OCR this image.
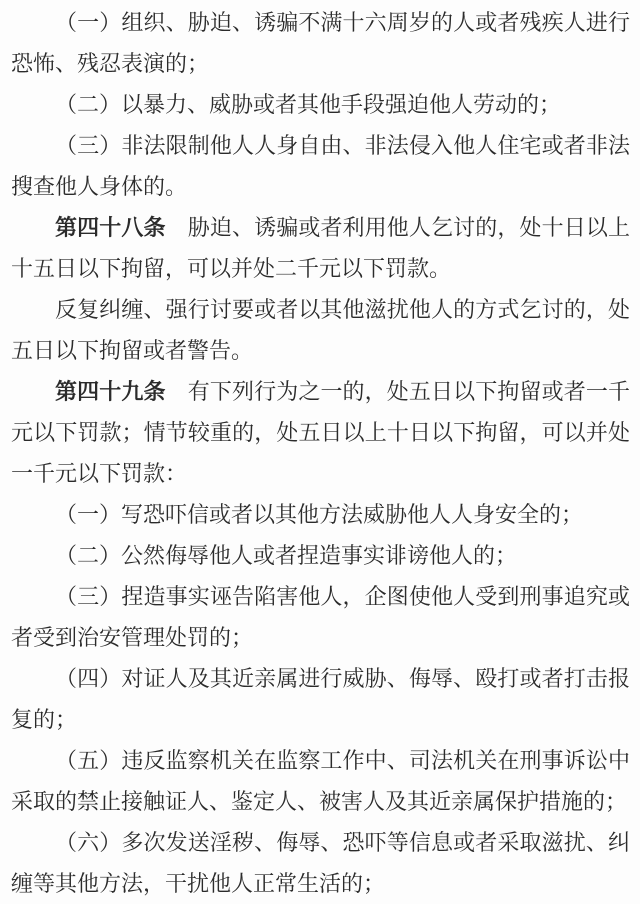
（一）组织、胁迫、诱骗不满十六周岁的人或者残疾人进行恐怖、残忍表演的；

（二）以暴力、威胁或者其他手段强迫他人劳动的；

（三）非法限制他人人身自由、非法侵入他人住宅或者非法搜查他人身体的。

第四十八条　胁迫、诱骗或者利用他人乞讨的，处十日以上十五日以下拘留，可以并处二千元以下罚款。

反复纠缠、强行讨要或者以其他滋扰他人的方式乞讨的，处五日以下拘留或者警告。

第四十九条　有下列行为之一的，处五日以下拘留或者一千元以下罚款；情节较重的，处五日以上十日以下拘留，可以并处一千元以下罚款：

（一）写恐吓信或者以其他方法威胁他人人身安全的；

（二）公然侮辱他人或者捏造事实诽谤他人的；

（三）捏造事实诬告陷害他人，企图使他人受到刑事追究或者受到治安管理处罚的；

（四）对证人及其近亲属进行威胁、侮辱、殴打或者打击报复的；

（五）违反监察机关在监察工作中、司法机关在刑事诉讼中采取的禁止接触证人、鉴定人、被害人及其近亲属保护措施的；

（六）多次发送淫秽、侮辱、恐吓等信息或者采取滋扰、纠缠等其他方法，干扰他人正常生活的；
